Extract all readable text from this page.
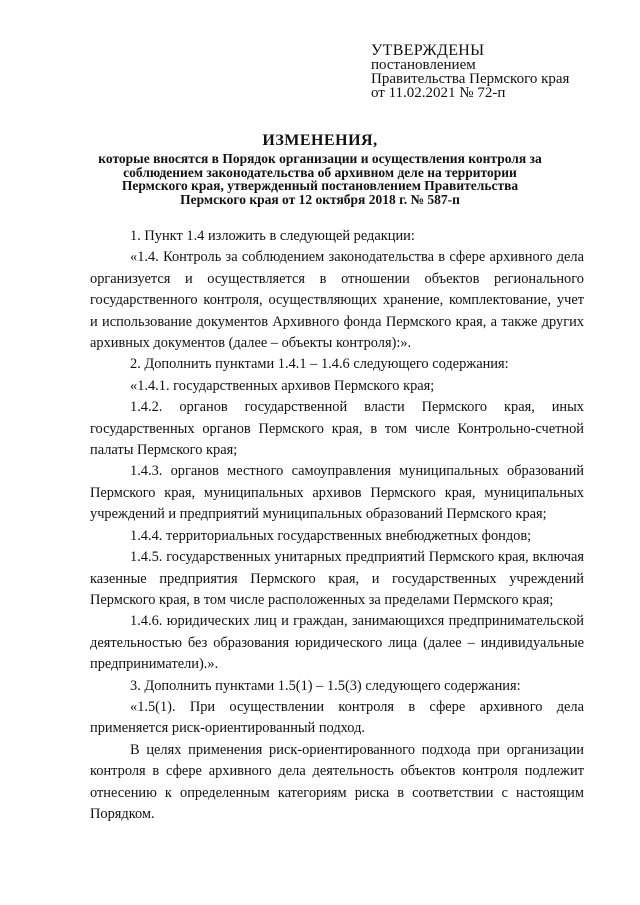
УТВЕРЖДЕНЫ
постановлением
Правительства Пермского края
от 11.02.2021 № 72-п
ИЗМЕНЕНИЯ,
которые вносятся в Порядок организации и осуществления контроля за соблюдением законодательства об архивном деле на территории Пермского края, утвержденный постановлением Правительства Пермского края от 12 октября 2018 г. № 587-п

1. Пункт 1.4 изложить в следующей редакции:

«1.4. Контроль за соблюдением законодательства в сфере архивного дела организуется и осуществляется в отношении объектов регионального государственного контроля, осуществляющих хранение, комплектование, учет и использование документов Архивного фонда Пермского края, а также других архивных документов (далее – объекты контроля):».

2. Дополнить пунктами 1.4.1 – 1.4.6 следующего содержания:

«1.4.1. государственных архивов Пермского края;

1.4.2. органов государственной власти Пермского края, иных государственных органов Пермского края, в том числе Контрольно-счетной палаты Пермского края;

1.4.3. органов местного самоуправления муниципальных образований Пермского края, муниципальных архивов Пермского края, муниципальных учреждений и предприятий муниципальных образований Пермского края;

1.4.4. территориальных государственных внебюджетных фондов;

1.4.5. государственных унитарных предприятий Пермского края, включая казенные предприятия Пермского края, и государственных учреждений Пермского края, в том числе расположенных за пределами Пермского края;

1.4.6. юридических лиц и граждан, занимающихся предпринимательской деятельностью без образования юридического лица (далее – индивидуальные предприниматели).».

3. Дополнить пунктами 1.5(1) – 1.5(3) следующего содержания:

«1.5(1). При осуществлении контроля в сфере архивного дела применяется риск-ориентированный подход.

В целях применения риск-ориентированного подхода при организации контроля в сфере архивного дела деятельность объектов контроля подлежит отнесению к определенным категориям риска в соответствии с настоящим Порядком.
